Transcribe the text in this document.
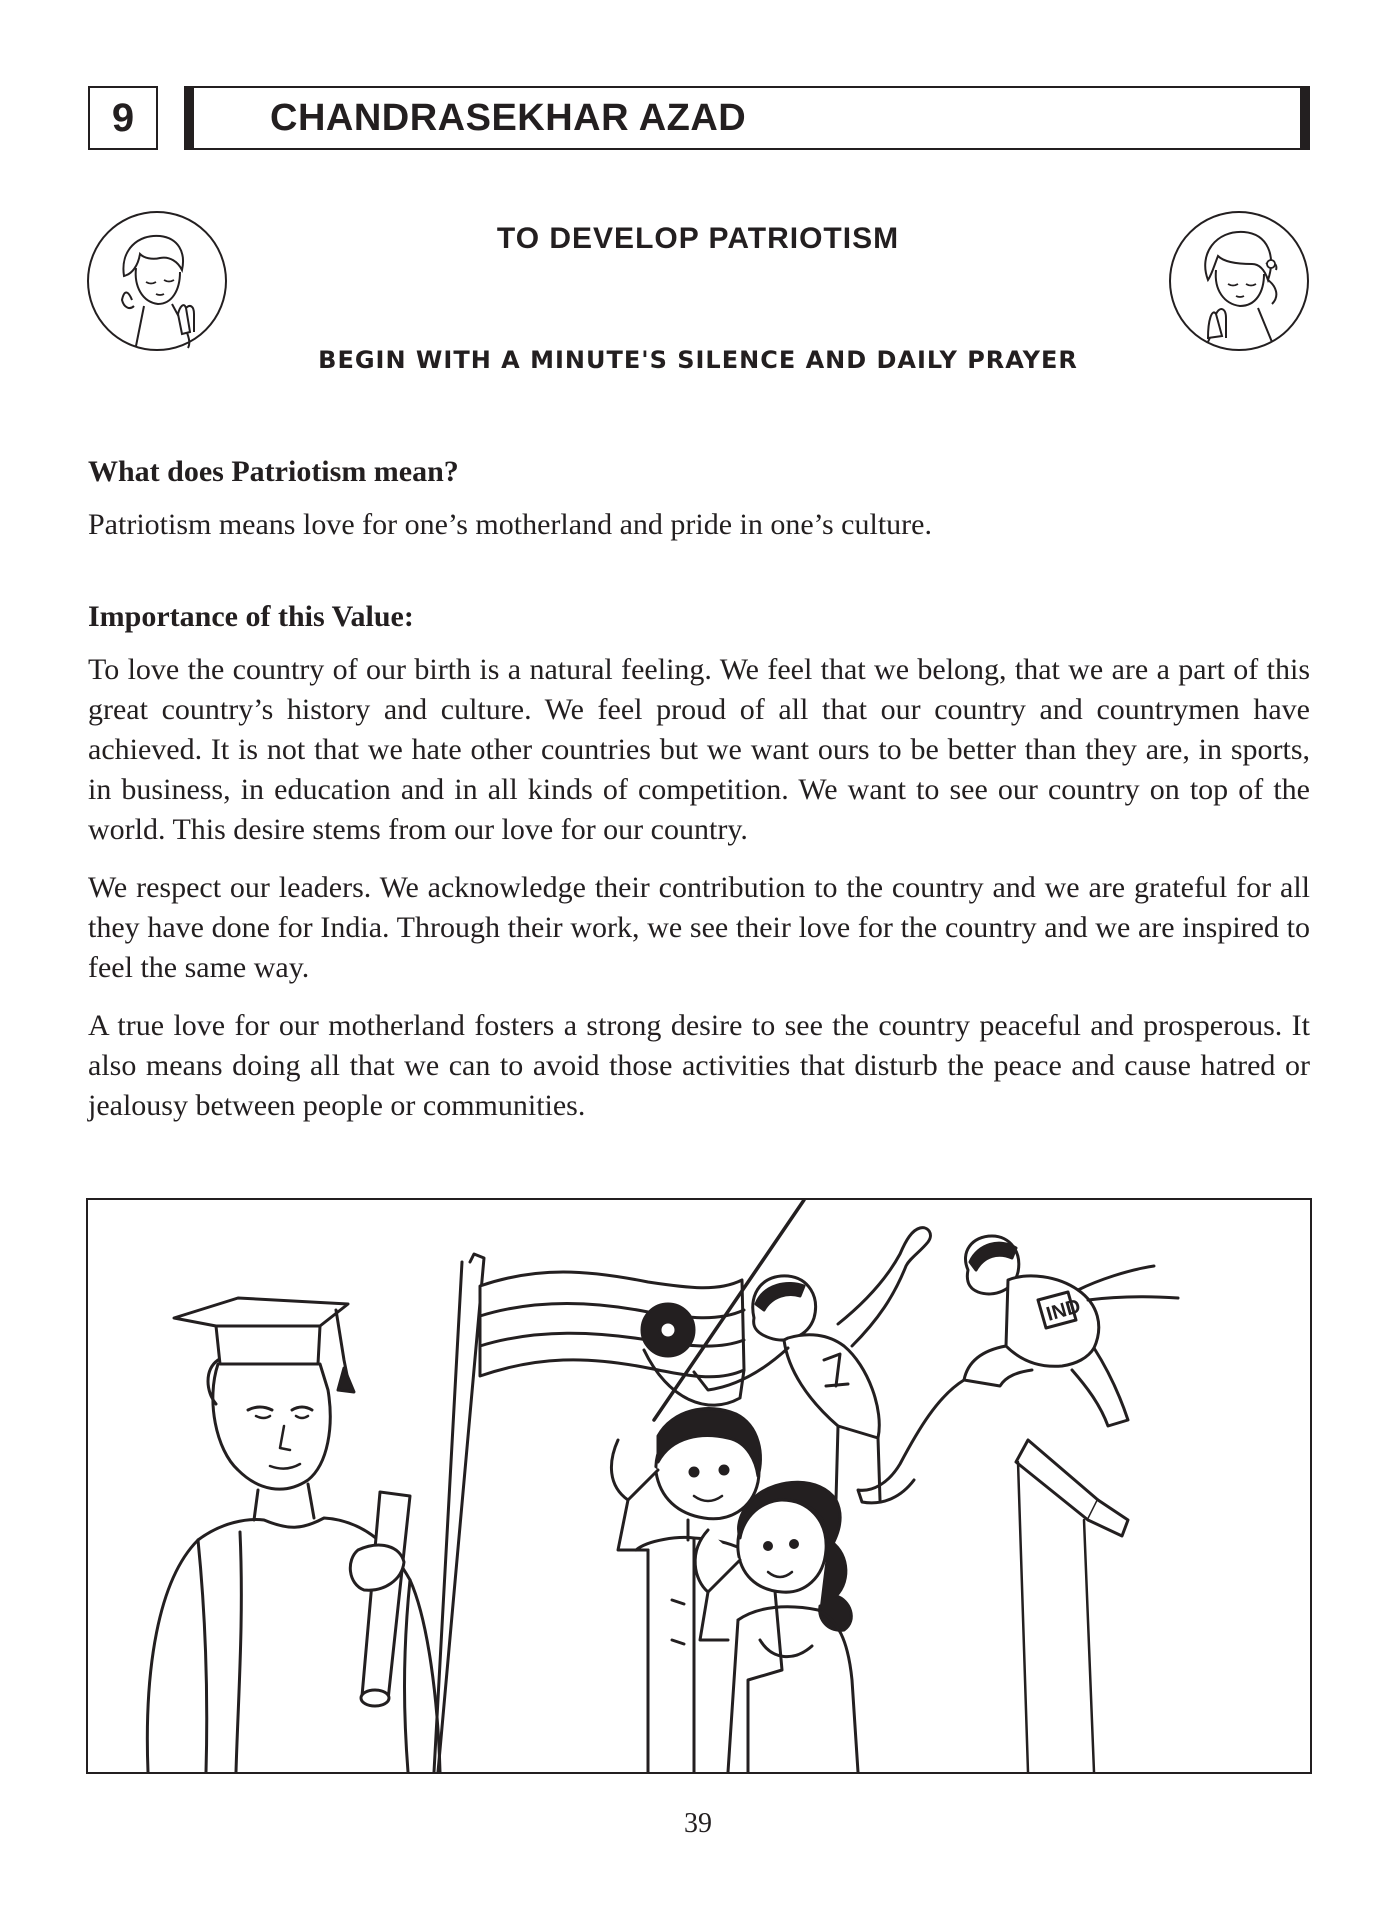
9	CHANDRASEKHAR AZAD
TO DEVELOP PATRIOTISM
BEGIN WITH A MINUTE'S SILENCE AND DAILY PRAYER
What does Patriotism mean?
Patriotism means love for one’s motherland and pride in one’s culture.
Importance of this Value:
To love the country of our birth is a natural feeling. We feel that we belong, that we are a part of this great country’s history and culture. We feel proud of all that our country and countrymen have achieved. It is not that we hate other countries but we want ours to be better than they are, in sports, in business, in education and in all kinds of competition. We want to see our country on top of the world. This desire stems from our love for our country.
We respect our leaders. We acknowledge their contribution to the country and we are grateful for all they have done for India. Through their work, we see their love for the country and we are inspired to feel the same way.
A true love for our motherland fosters a strong desire to see the country peaceful and prosperous. It also means doing all that we can to avoid those activities that disturb the peace and cause hatred or jealousy between people or communities.
IND
39
